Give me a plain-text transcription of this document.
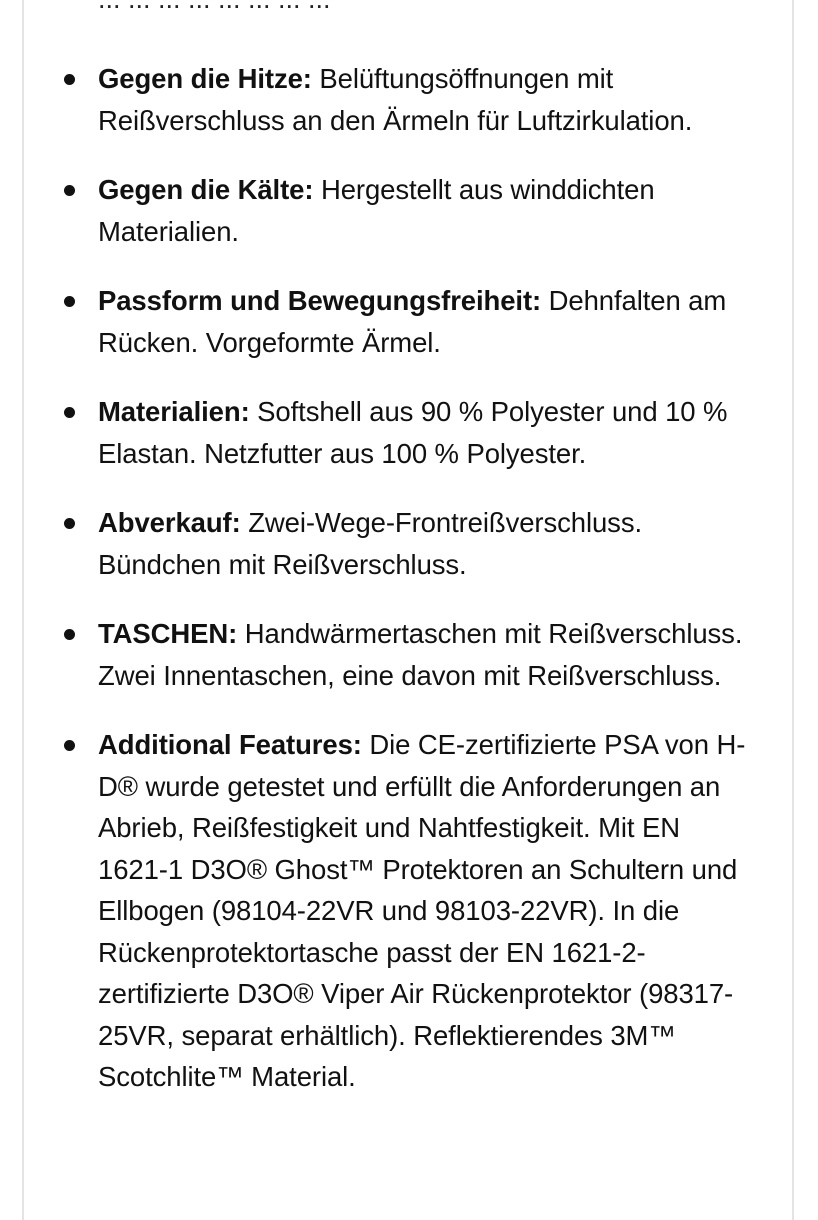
Gegen die Hitze: Belüftungsöffnungen mit Reißverschluss an den Ärmeln für Luftzirkulation.
Gegen die Kälte: Hergestellt aus winddichten Materialien.
Passform und Bewegungsfreiheit: Dehnfalten am Rücken. Vorgeformte Ärmel.
Materialien: Softshell aus 90 % Polyester und 10 % Elastan. Netzfutter aus 100 % Polyester.
Abverkauf: Zwei-Wege-Frontreißverschluss. Bündchen mit Reißverschluss.
TASCHEN: Handwärmertaschen mit Reißverschluss. Zwei Innentaschen, eine davon mit Reißverschluss.
Additional Features: Die CE-zertifizierte PSA von H-D® wurde getestet und erfüllt die Anforderungen an Abrieb, Reißfestigkeit und Nahtfestigkeit. Mit EN 1621-1 D3O® Ghost™ Protektoren an Schultern und Ellbogen (98104-22VR und 98103-22VR). In die Rückenprotektortasche passt der EN 1621-2-zertifizierte D3O® Viper Air Rückenprotektor (98317-25VR, separat erhältlich). Reflektierendes 3M™ Scotchlite™ Material.
